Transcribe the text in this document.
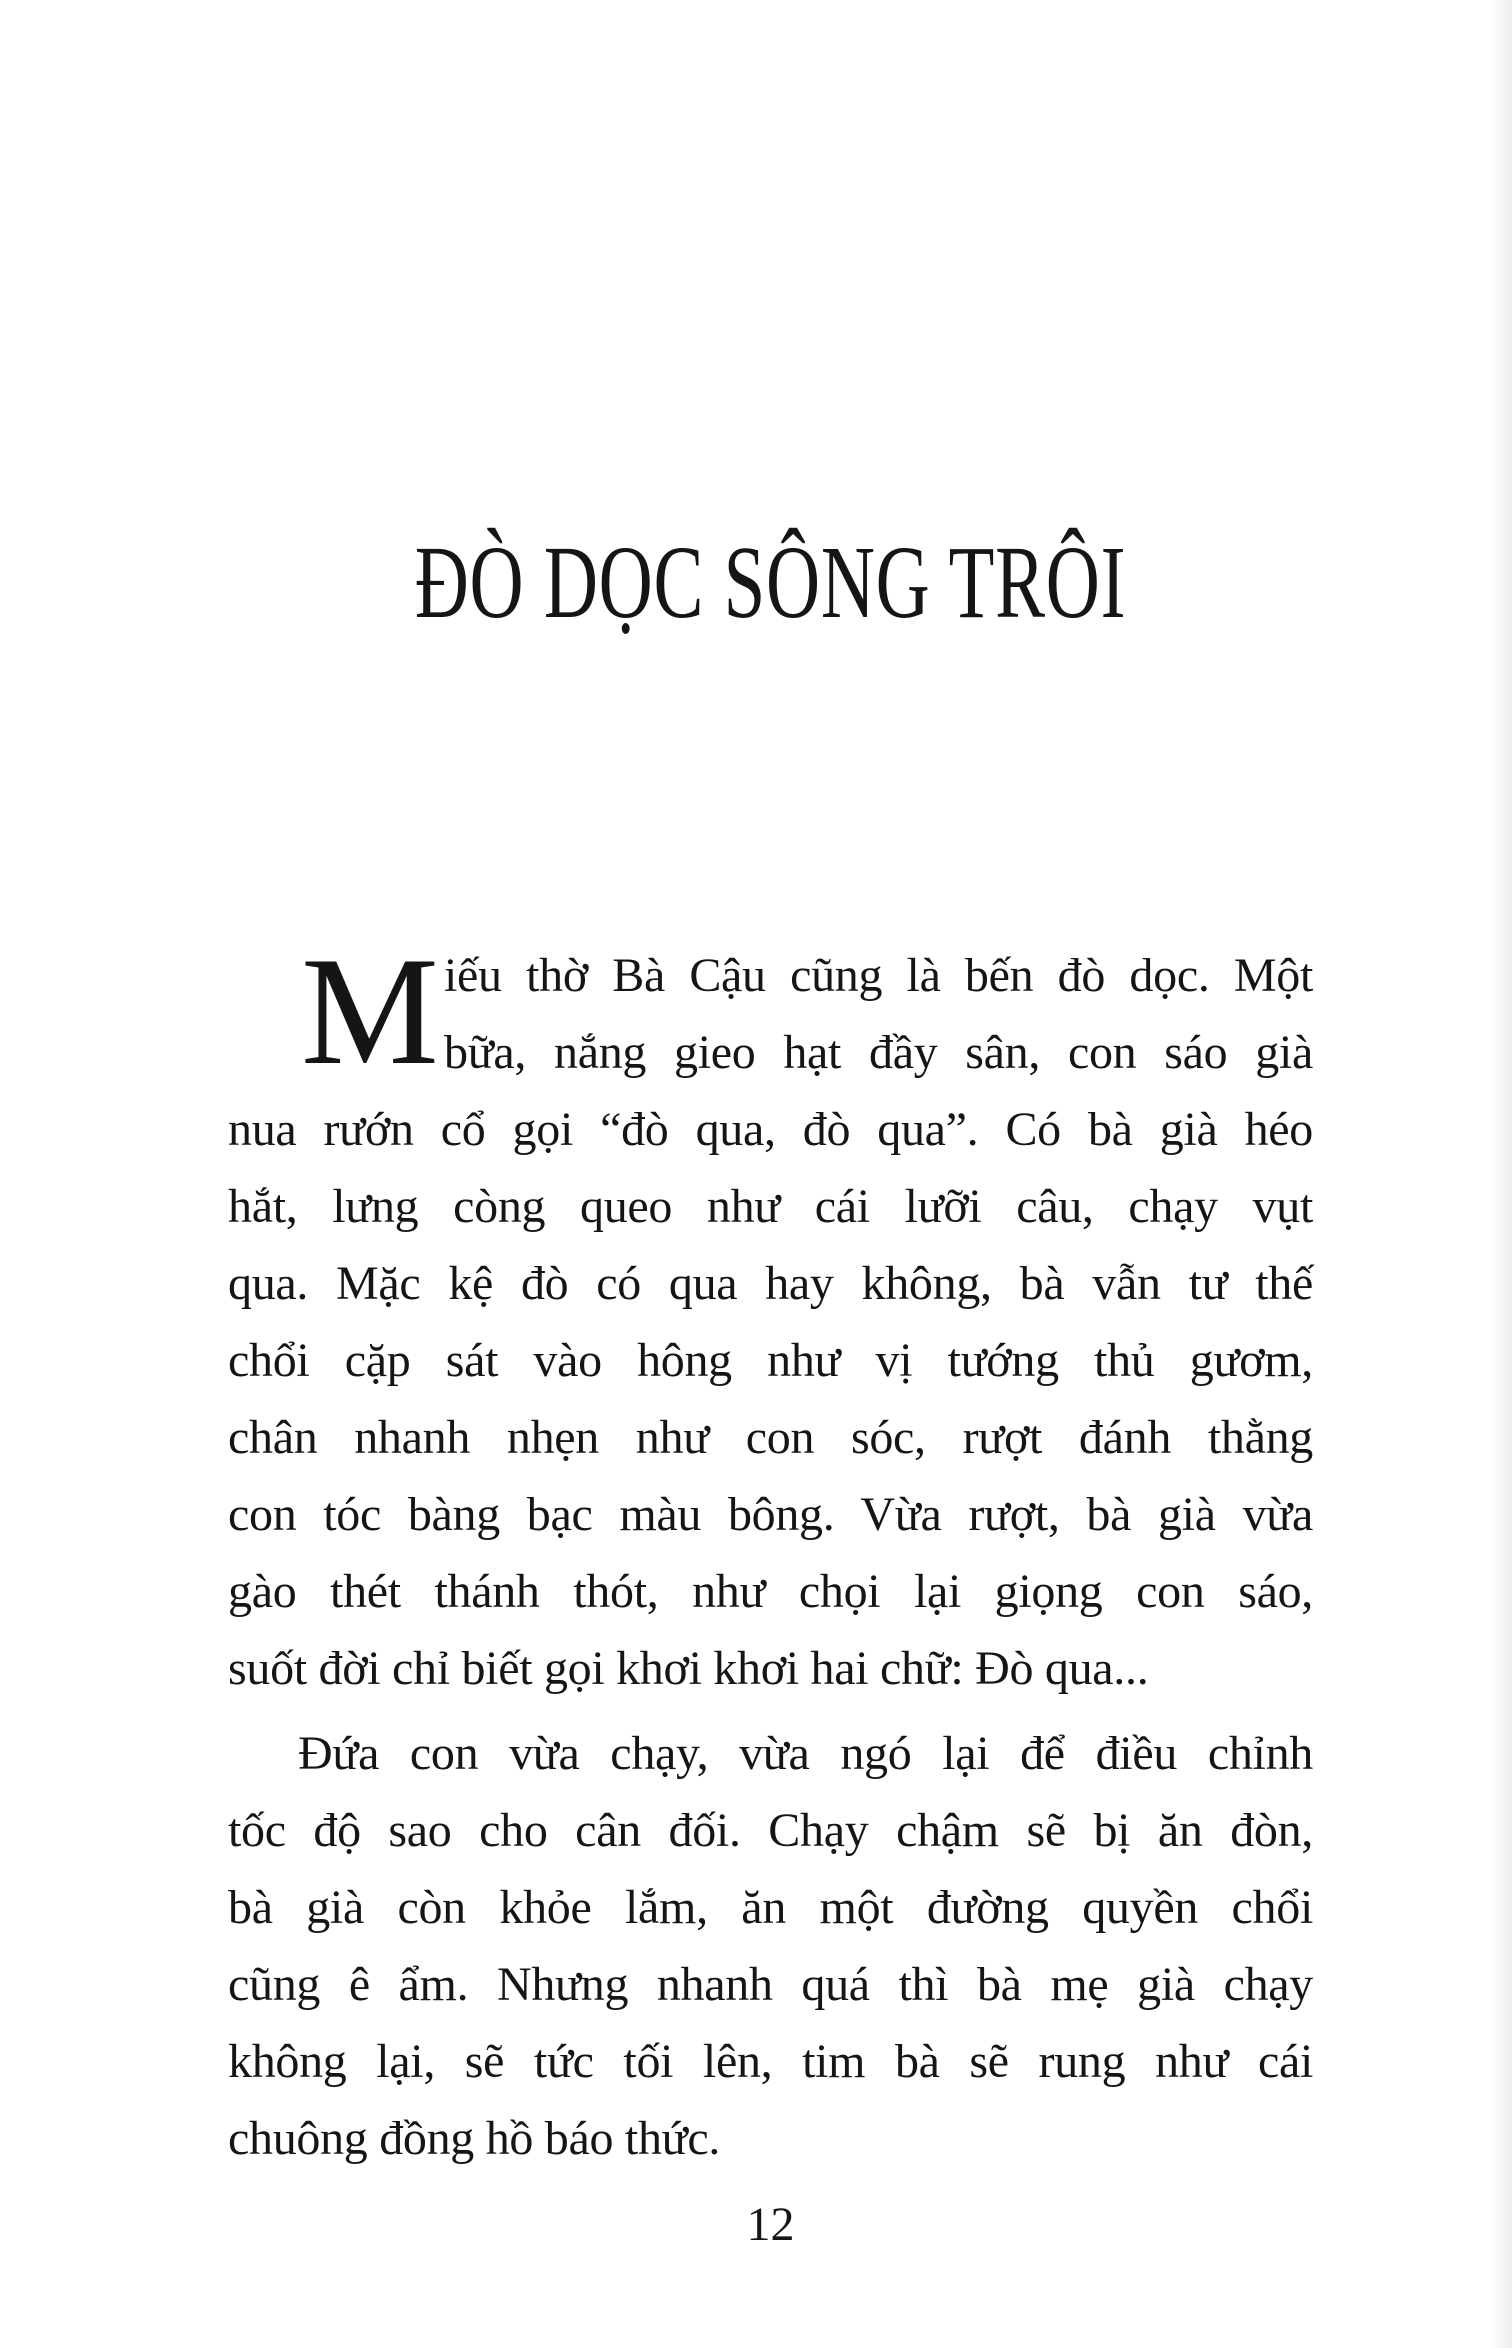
ĐÒ DỌC SÔNG TRÔI
M iếu thờ Bà Cậu cũng là bến đò dọc. Một
bữa, nắng gieo hạt đầy sân, con sáo già
nua rướn cổ gọi “đò qua, đò qua”. Có bà già héo
hắt, lưng còng queo như cái lưỡi câu, chạy vụt
qua. Mặc kệ đò có qua hay không, bà vẫn tư thế
chổi cặp sát vào hông như vị tướng thủ gươm,
chân nhanh nhẹn như con sóc, rượt đánh thằng
con tóc bàng bạc màu bông. Vừa rượt, bà già vừa
gào thét thánh thót, như chọi lại giọng con sáo,
suốt đời chỉ biết gọi khơi khơi hai chữ: Đò qua...
Đứa con vừa chạy, vừa ngó lại để điều chỉnh
tốc độ sao cho cân đối. Chạy chậm sẽ bị ăn đòn,
bà già còn khỏe lắm, ăn một đường quyền chổi
cũng ê ẩm. Nhưng nhanh quá thì bà mẹ già chạy
không lại, sẽ tức tối lên, tim bà sẽ rung như cái
chuông đồng hồ báo thức.
12
